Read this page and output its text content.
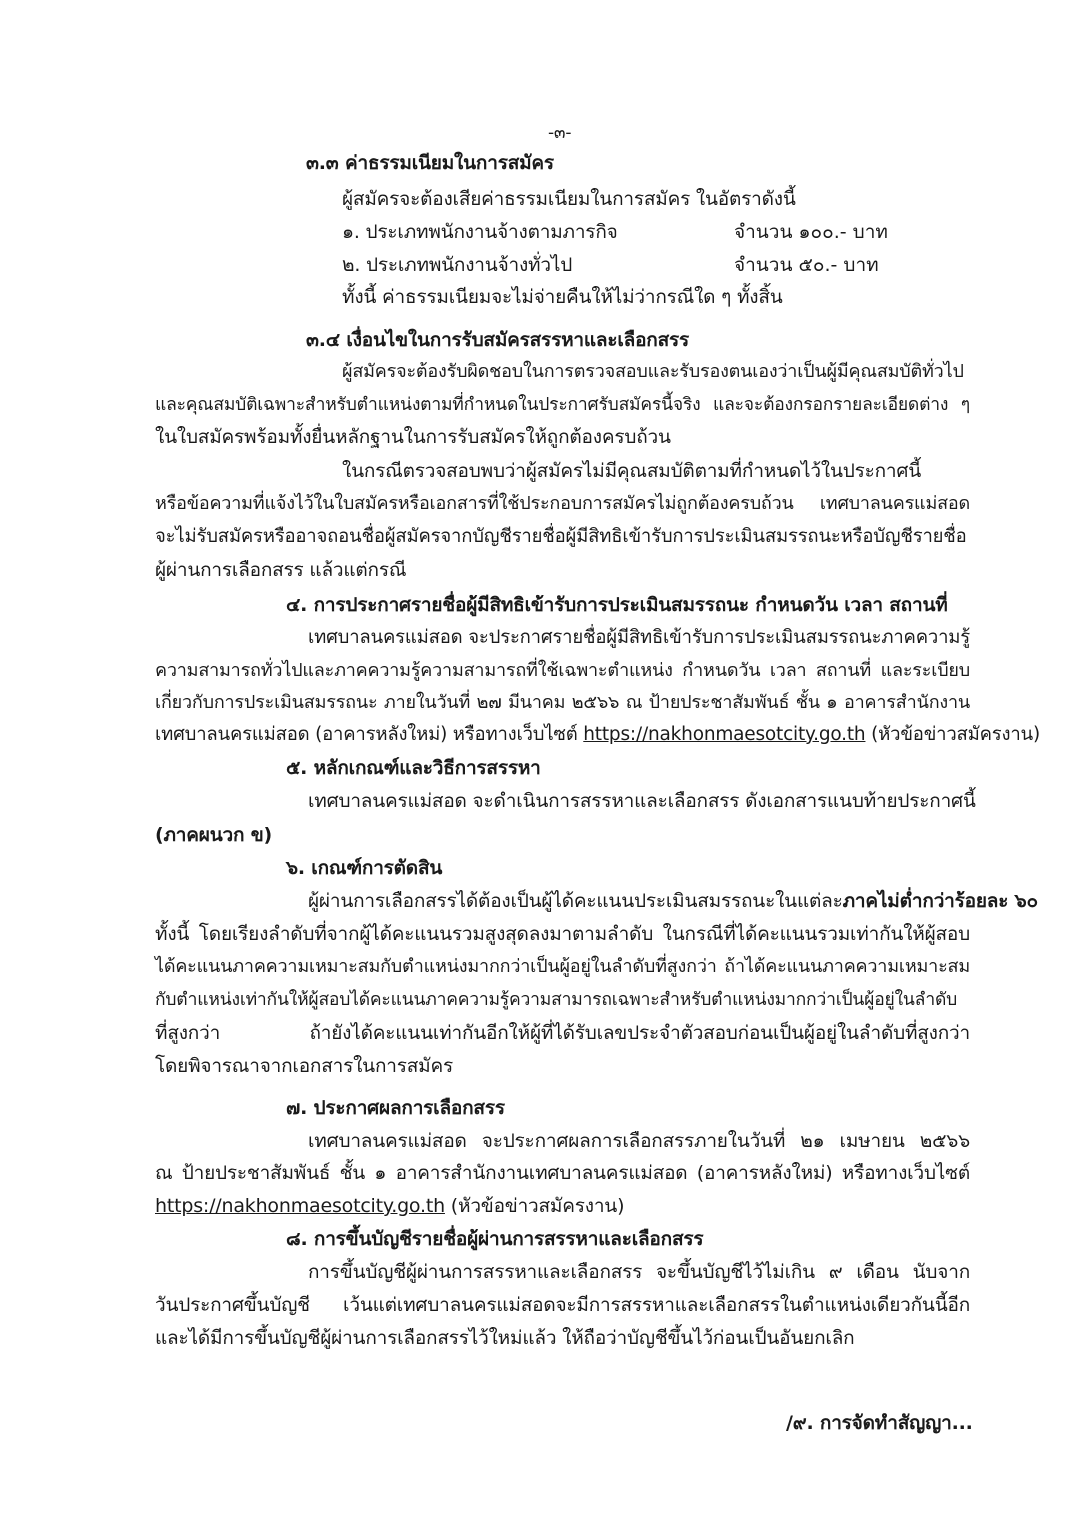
-๓-
๓.๓ ค่าธรรมเนียมในการสมัคร
ผู้สมัครจะต้องเสียค่าธรรมเนียมในการสมัคร ในอัตราดังนี้
๑. ประเภทพนักงานจ้างตามภารกิจ	จำนวน ๑๐๐.- บาท
๒. ประเภทพนักงานจ้างทั่วไป	จำนวน ๕๐.- บาท
ทั้งนี้ ค่าธรรมเนียมจะไม่จ่ายคืนให้ไม่ว่ากรณีใด ๆ ทั้งสิ้น
๓.๔ เงื่อนไขในการรับสมัครสรรหาและเลือกสรร
ผู้สมัครจะต้องรับผิดชอบในการตรวจสอบและรับรองตนเองว่าเป็นผู้มีคุณสมบัติทั่วไป
และคุณสมบัติเฉพาะสำหรับตำแหน่งตามที่กำหนดในประกาศรับสมัครนี้จริง และจะต้องกรอกรายละเอียดต่าง ๆ
ในใบสมัครพร้อมทั้งยื่นหลักฐานในการรับสมัครให้ถูกต้องครบถ้วน
ในกรณีตรวจสอบพบว่าผู้สมัครไม่มีคุณสมบัติตามที่กำหนดไว้ในประกาศนี้
หรือข้อความที่แจ้งไว้ในใบสมัครหรือเอกสารที่ใช้ประกอบการสมัครไม่ถูกต้องครบถ้วน เทศบาลนครแม่สอด
จะไม่รับสมัครหรืออาจถอนชื่อผู้สมัครจากบัญชีรายชื่อผู้มีสิทธิเข้ารับการประเมินสมรรถนะหรือบัญชีรายชื่อ
ผู้ผ่านการเลือกสรร แล้วแต่กรณี
๔. การประกาศรายชื่อผู้มีสิทธิเข้ารับการประเมินสมรรถนะ กำหนดวัน เวลา สถานที่
เทศบาลนครแม่สอด จะประกาศรายชื่อผู้มีสิทธิเข้ารับการประเมินสมรรถนะภาคความรู้
ความสามารถทั่วไปและภาคความรู้ความสามารถที่ใช้เฉพาะตำแหน่ง กำหนดวัน เวลา สถานที่ และระเบียบ
เกี่ยวกับการประเมินสมรรถนะ ภายในวันที่ ๒๗ มีนาคม ๒๕๖๖ ณ ป้ายประชาสัมพันธ์ ชั้น ๑ อาคารสำนักงาน
เทศบาลนครแม่สอด (อาคารหลังใหม่) หรือทางเว็บไซต์ https://nakhonmaesotcity.go.th (หัวข้อข่าวสมัครงาน)
๕. หลักเกณฑ์และวิธีการสรรหา
เทศบาลนครแม่สอด จะดำเนินการสรรหาและเลือกสรร ดังเอกสารแนบท้ายประกาศนี้
(ภาคผนวก ข)
๖. เกณฑ์การตัดสิน
ผู้ผ่านการเลือกสรรได้ต้องเป็นผู้ได้คะแนนประเมินสมรรถนะในแต่ละภาคไม่ต่ำกว่าร้อยละ ๖๐
ทั้งนี้ โดยเรียงลำดับที่จากผู้ได้คะแนนรวมสูงสุดลงมาตามลำดับ ในกรณีที่ได้คะแนนรวมเท่ากันให้ผู้สอบ
ได้คะแนนภาคความเหมาะสมกับตำแหน่งมากกว่าเป็นผู้อยู่ในลำดับที่สูงกว่า ถ้าได้คะแนนภาคความเหมาะสม
กับตำแหน่งเท่ากันให้ผู้สอบได้คะแนนภาคความรู้ความสามารถเฉพาะสำหรับตำแหน่งมากกว่าเป็นผู้อยู่ในลำดับ
ที่สูงกว่า ถ้ายังได้คะแนนเท่ากันอีกให้ผู้ที่ได้รับเลขประจำตัวสอบก่อนเป็นผู้อยู่ในลำดับที่สูงกว่า
โดยพิจารณาจากเอกสารในการสมัคร
๗. ประกาศผลการเลือกสรร
เทศบาลนครแม่สอด จะประกาศผลการเลือกสรรภายในวันที่ ๒๑ เมษายน ๒๕๖๖
ณ ป้ายประชาสัมพันธ์ ชั้น ๑ อาคารสำนักงานเทศบาลนครแม่สอด (อาคารหลังใหม่) หรือทางเว็บไซต์
https://nakhonmaesotcity.go.th (หัวข้อข่าวสมัครงาน)
๘. การขึ้นบัญชีรายชื่อผู้ผ่านการสรรหาและเลือกสรร
การขึ้นบัญชีผู้ผ่านการสรรหาและเลือกสรร จะขึ้นบัญชีไว้ไม่เกิน ๙ เดือน นับจาก
วันประกาศขึ้นบัญชี เว้นแต่เทศบาลนครแม่สอดจะมีการสรรหาและเลือกสรรในตำแหน่งเดียวกันนี้อีก
และได้มีการขึ้นบัญชีผู้ผ่านการเลือกสรรไว้ใหม่แล้ว ให้ถือว่าบัญชีขึ้นไว้ก่อนเป็นอันยกเลิก
/๙. การจัดทำสัญญา...
